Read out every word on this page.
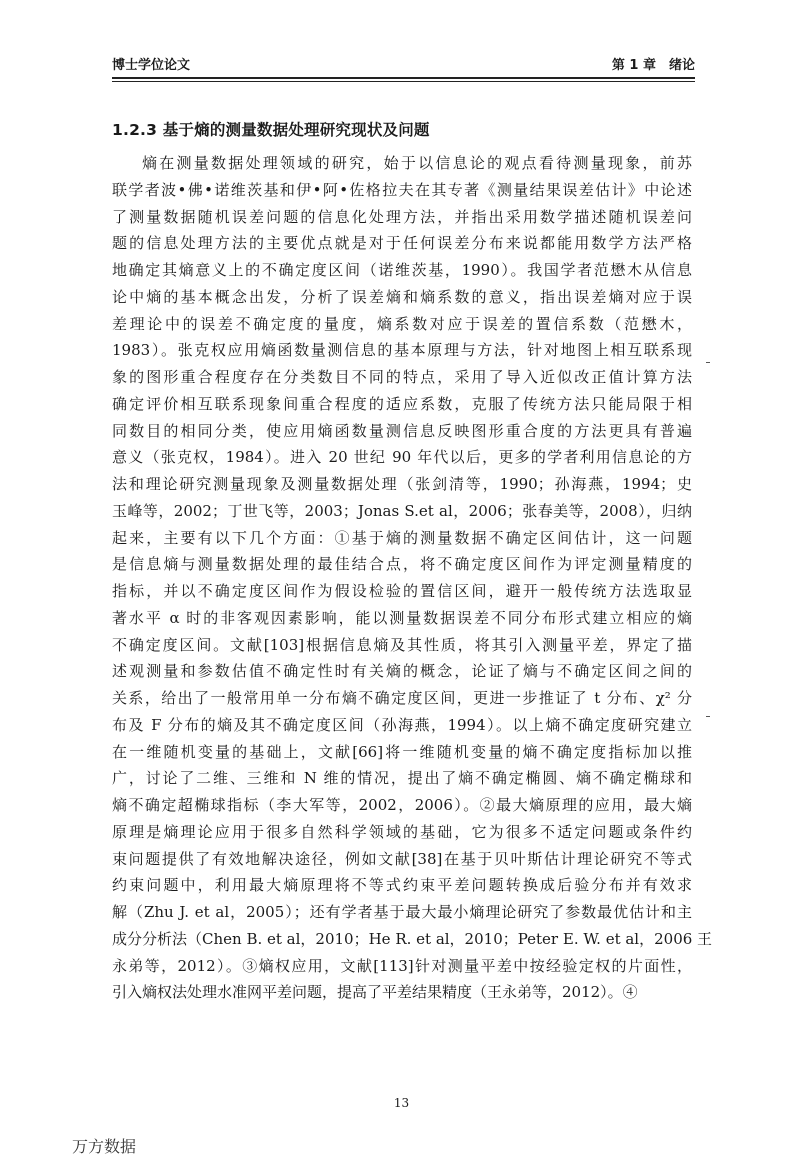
博士学位论文	第 1 章　绪论
1.2.3 基于熵的测量数据处理研究现状及问题
熵在测量数据处理领域的研究，始于以信息论的观点看待测量现象，前苏
联学者波•佛•诺维茨基和伊•阿•佐格拉夫在其专著《测量结果误差估计》中论述
了测量数据随机误差问题的信息化处理方法，并指出采用数学描述随机误差问
题的信息处理方法的主要优点就是对于任何误差分布来说都能用数学方法严格
地确定其熵意义上的不确定度区间（诺维茨基，1990）。我国学者范懋木从信息
论中熵的基本概念出发，分析了误差熵和熵系数的意义，指出误差熵对应于误
差理论中的误差不确定度的量度，熵系数对应于误差的置信系数（范懋木，
1983）。张克权应用熵函数量测信息的基本原理与方法，针对地图上相互联系现
象的图形重合程度存在分类数目不同的特点，采用了导入近似改正值计算方法
确定评价相互联系现象间重合程度的适应系数，克服了传统方法只能局限于相
同数目的相同分类，使应用熵函数量测信息反映图形重合度的方法更具有普遍
意义（张克权，1984）。进入 20 世纪 90 年代以后，更多的学者利用信息论的方
法和理论研究测量现象及测量数据处理（张剑清等，1990；孙海燕，1994；史
玉峰等，2002；丁世飞等，2003；Jonas S.et al，2006；张春美等，2008），归纳
起来，主要有以下几个方面：①基于熵的测量数据不确定区间估计，这一问题
是信息熵与测量数据处理的最佳结合点，将不确定度区间作为评定测量精度的
指标，并以不确定度区间作为假设检验的置信区间，避开一般传统方法选取显
著水平 α 时的非客观因素影响，能以测量数据误差不同分布形式建立相应的熵
不确定度区间。文献[103]根据信息熵及其性质，将其引入测量平差，界定了描
述观测量和参数估值不确定性时有关熵的概念，论证了熵与不确定区间之间的
关系，给出了一般常用单一分布熵不确定度区间，更进一步推证了 t 分布、χ² 分
布及 F 分布的熵及其不确定度区间（孙海燕，1994）。以上熵不确定度研究建立
在一维随机变量的基础上，文献[66]将一维随机变量的熵不确定度指标加以推
广，讨论了二维、三维和 N 维的情况，提出了熵不确定椭圆、熵不确定椭球和
熵不确定超椭球指标（李大军等，2002，2006）。②最大熵原理的应用，最大熵
原理是熵理论应用于很多自然科学领域的基础，它为很多不适定问题或条件约
束问题提供了有效地解决途径，例如文献[38]在基于贝叶斯估计理论研究不等式
约束问题中，利用最大熵原理将不等式约束平差问题转换成后验分布并有效求
解（Zhu J. et al，2005）；还有学者基于最大最小熵理论研究了参数最优估计和主
成分分析法（Chen B. et al，2010；He R. et al，2010；Peter E. W. et al，2006 王
永弟等，2012）。③熵权应用，文献[113]针对测量平差中按经验定权的片面性，
引入熵权法处理水准网平差问题，提高了平差结果精度（王永弟等，2012）。④
13
万方数据
